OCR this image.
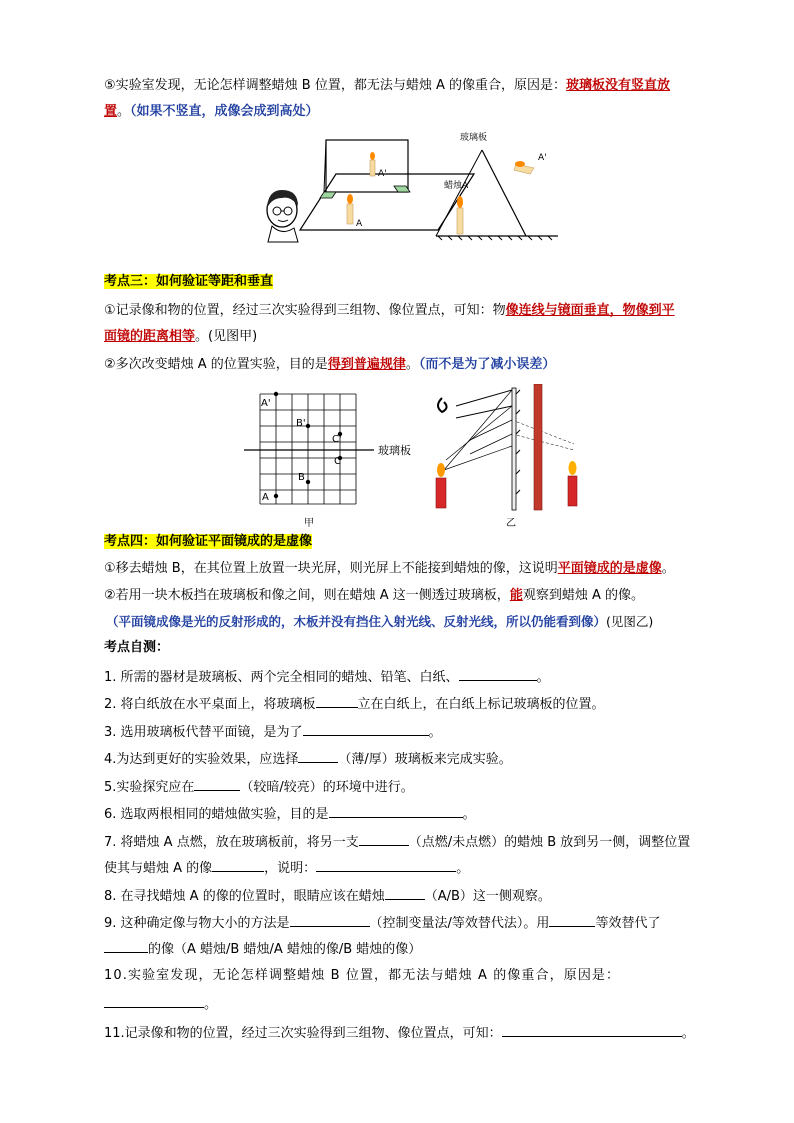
⑤实验室发现，无论怎样调整蜡烛 B 位置，都无法与蜡烛 A 的像重合，原因是：玻璃板没有竖直放
置。（如果不竖直，成像会成到高处）
A'
A
玻璃板
蜡烛A
A'
考点三：如何验证等距和垂直
①记录像和物的位置，经过三次实验得到三组物、像位置点，可知：物像连线与镜面垂直，物像到平
面镜的距离相等。(见图甲)
②多次改变蜡烛 A 的位置实验，目的是得到普遍规律。（而不是为了减小误差）
A'
B'
C'
C
B
A
玻璃板
甲	乙
考点四：如何验证平面镜成的是虚像
①移去蜡烛 B，在其位置上放置一块光屏，则光屏上不能接到蜡烛的像，这说明平面镜成的是虚像。
②若用一块木板挡在玻璃板和像之间，则在蜡烛 A 这一侧透过玻璃板，能观察到蜡烛 A 的像。
（平面镜成像是光的反射形成的，木板并没有挡住入射光线、反射光线，所以仍能看到像）(见图乙)
考点自测：
1. 所需的器材是玻璃板、两个完全相同的蜡烛、铅笔、白纸、	。
2. 将白纸放在水平桌面上，将玻璃板	立在白纸上，在白纸上标记玻璃板的位置。
3. 选用玻璃板代替平面镜，是为了	。
4.为达到更好的实验效果，应选择	（薄/厚）玻璃板来完成实验。
5.实验探究应在	（较暗/较亮）的环境中进行。
6. 选取两根相同的蜡烛做实验，目的是	。
7. 将蜡烛 A 点燃，放在玻璃板前，将另一支	（点燃/未点燃）的蜡烛 B 放到另一侧，调整位置
使其与蜡烛 A 的像	，说明：	。
8. 在寻找蜡烛 A 的像的位置时，眼睛应该在蜡烛	（A/B）这一侧观察。
9. 这种确定像与物大小的方法是	（控制变量法/等效替代法）。用	等效替代了
的像（A 蜡烛/B 蜡烛/A 蜡烛的像/B 蜡烛的像）
10.实验室发现，无论怎样调整蜡烛 B 位置，都无法与蜡烛 A 的像重合，原因是：
。
11.记录像和物的位置，经过三次实验得到三组物、像位置点，可知：	。
